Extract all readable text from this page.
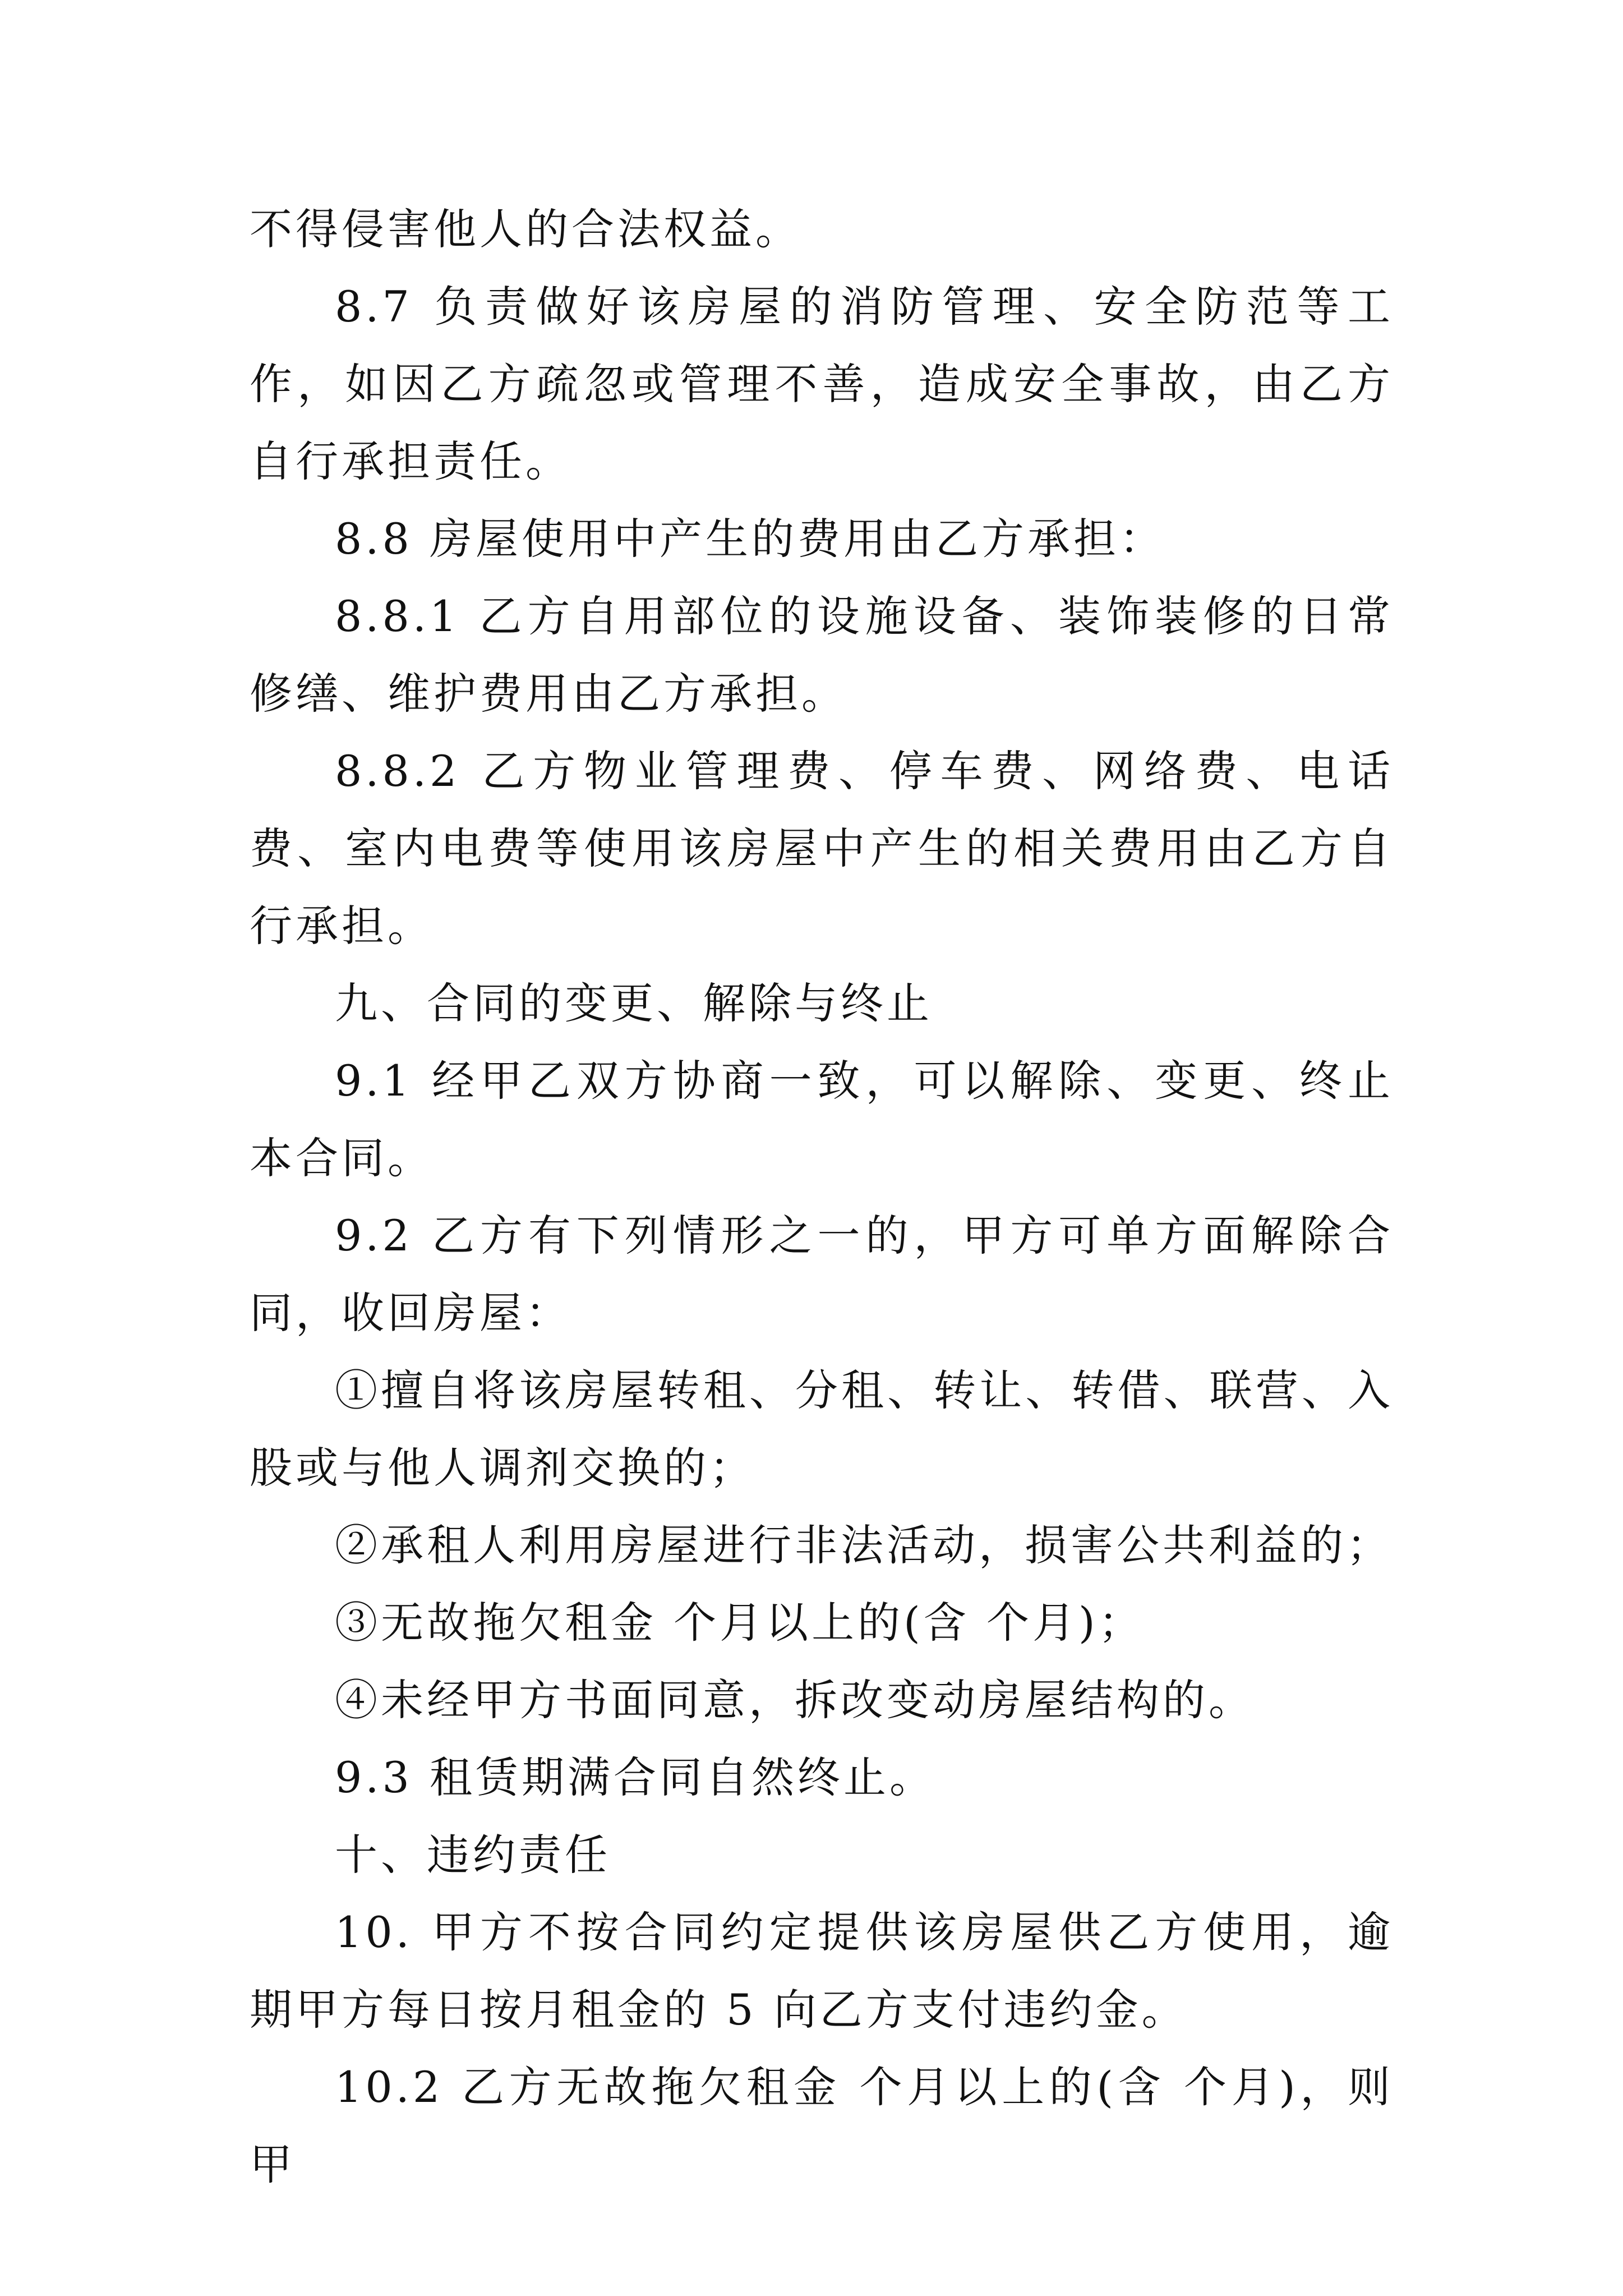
不得侵害他人的合法权益。

8.7 负责做好该房屋的消防管理、安全防范等工作，如因乙方疏忽或管理不善，造成安全事故，由乙方自行承担责任。

8.8 房屋使用中产生的费用由乙方承担：

8.8.1 乙方自用部位的设施设备、装饰装修的日常修缮、维护费用由乙方承担。

8.8.2 乙方物业管理费、停车费、网络费、电话费、室内电费等使用该房屋中产生的相关费用由乙方自行承担。

九、合同的变更、解除与终止

9.1 经甲乙双方协商一致，可以解除、变更、终止本合同。

9.2 乙方有下列情形之一的，甲方可单方面解除合同，收回房屋：

①擅自将该房屋转租、分租、转让、转借、联营、入股或与他人调剂交换的；

②承租人利用房屋进行非法活动，损害公共利益的；

③无故拖欠租金 个月以上的(含 个月)；

④未经甲方书面同意，拆改变动房屋结构的。

9.3 租赁期满合同自然终止。

十、违约责任

10. 甲方不按合同约定提供该房屋供乙方使用，逾期甲方每日按月租金的 5 向乙方支付违约金。

10.2 乙方无故拖欠租金 个月以上的(含 个月)，则甲
